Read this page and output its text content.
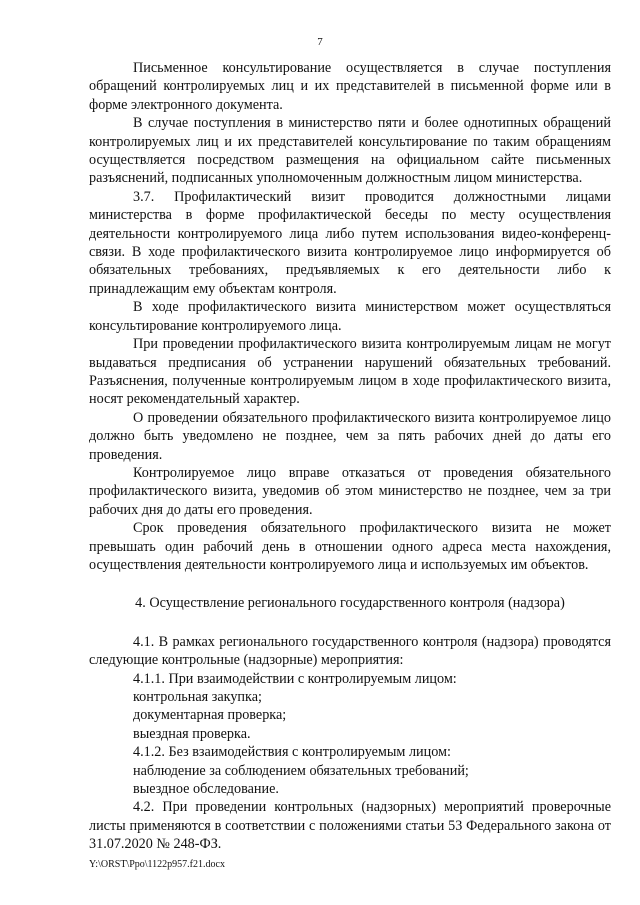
7

Письменное консультирование осуществляется в случае поступления обращений контролируемых лиц и их представителей в письменной форме или в форме электронного документа.

В случае поступления в министерство пяти и более однотипных обращений контролируемых лиц и их представителей консультирование по таким обращениям осуществляется посредством размещения на официальном сайте письменных разъяснений, подписанных уполномоченным должностным лицом министерства.

3.7. Профилактический визит проводится должностными лицами министерства в форме профилактической беседы по месту осуществления деятельности контролируемого лица либо путем использования видео-конференц-связи. В ходе профилактического визита контролируемое лицо информируется об обязательных требованиях, предъявляемых к его деятельности либо к принадлежащим ему объектам контроля.

В ходе профилактического визита министерством может осуществляться консультирование контролируемого лица.

При проведении профилактического визита контролируемым лицам не могут выдаваться предписания об устранении нарушений обязательных требований. Разъяснения, полученные контролируемым лицом в ходе профилактического визита, носят рекомендательный характер.

О проведении обязательного профилактического визита контролируемое лицо должно быть уведомлено не позднее, чем за пять рабочих дней до даты его проведения.

Контролируемое лицо вправе отказаться от проведения обязательного профилактического визита, уведомив об этом министерство не позднее, чем за три рабочих дня до даты его проведения.

Срок проведения обязательного профилактического визита не может превышать один рабочий день в отношении одного адреса места нахождения, осуществления деятельности контролируемого лица и используемых им объектов.

4. Осуществление регионального государственного контроля (надзора)

4.1. В рамках регионального государственного контроля (надзора) проводятся следующие контрольные (надзорные) мероприятия:

4.1.1. При взаимодействии с контролируемым лицом:

контрольная закупка;

документарная проверка;

выездная проверка.

4.1.2. Без взаимодействия с контролируемым лицом:

наблюдение за соблюдением обязательных требований;

выездное обследование.

4.2. При проведении контрольных (надзорных) мероприятий проверочные листы применяются в соответствии с положениями статьи 53 Федерального закона от 31.07.2020 № 248-ФЗ.

Y:\ORST\Ppo\1122p957.f21.docx
